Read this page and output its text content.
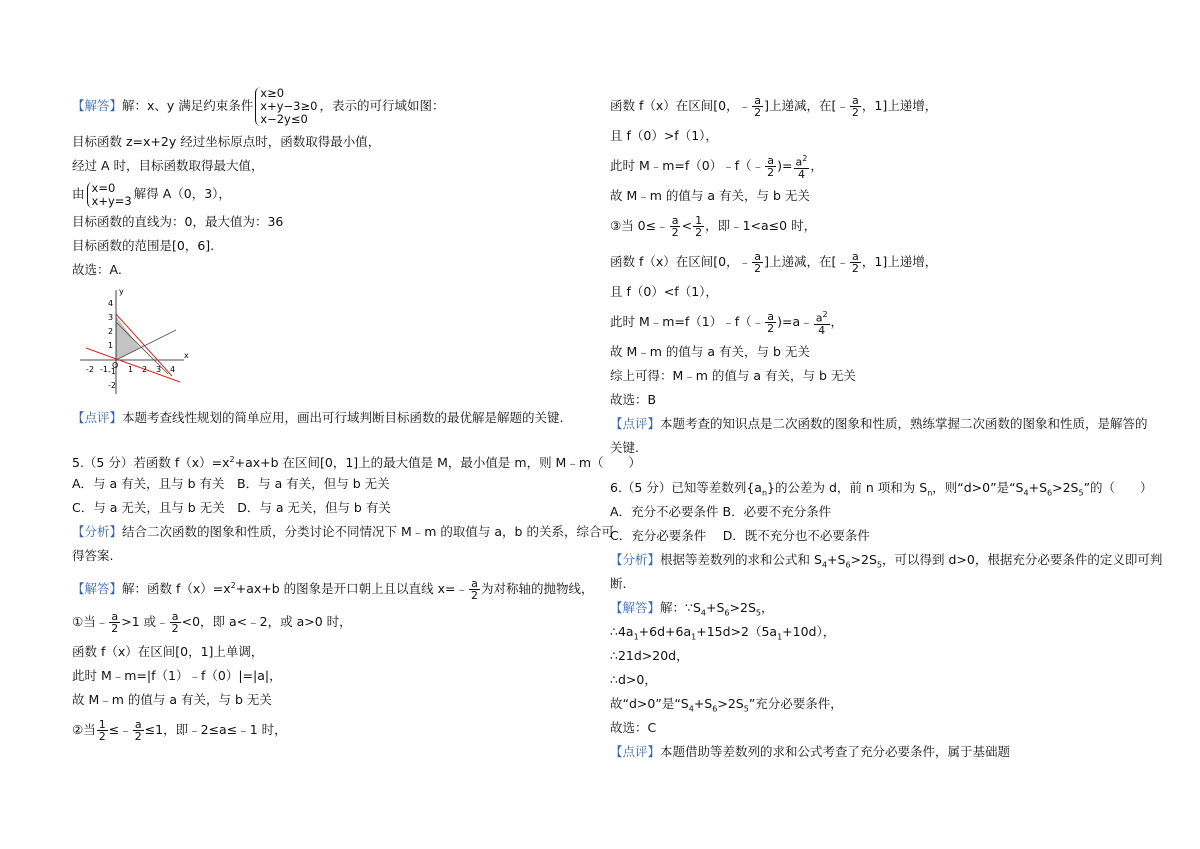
【解答】解：x、y 满足约束条件
x≥0
x+y−3≥0
x−2y≤0
，表示的可行域如图：
目标函数 z=x+2y 经过坐标原点时，函数取得最小值，
经过 A 时，目标函数取得最大值，
由 x=0
x+y=3 解得 A（0，3），
目标函数的直线为：0，最大值为：36
目标函数的范围是[0，6].
故选：A.
4
3
2
1
-1
-2
-2 -1 O 1 2 3 4
x
y
【点评】本题考查线性规划的简单应用，画出可行域判断目标函数的最优解是解题的关键.
5.（5 分）若函数 $f(x)=x^2+ax+b$ 在区间[0，1]上的最大值是 M，最小值是 m，则 M﹣m（　　）
A．与 a 有关，且与 b 有关　B．与 a 有关，但与 b 无关
C．与 a 无关，且与 b 无关　D．与 a 无关，但与 b 有关
【分析】结合二次函数的图象和性质，分类讨论不同情况下 M﹣m 的取值与 a，b 的关系，综合可
得答案.
【解答】解：函数 $f(x)=x^2+ax+b$ 的图象是开口朝上且以直线 x=﹣ $\frac{a}{2}$ 为对称轴的抛物线，
①当﹣ $\frac{a}{2} >1$ 或﹣ $\frac{a}{2} <0$，即 a<﹣2，或 a>0 时，
函数 f（x）在区间[0，1]上单调，
此时 M﹣m=|f（1）﹣f（0）|=|a|，
故 M﹣m 的值与 a 有关，与 b 无关
②当 $\frac{1}{2}$ ≤﹣ $\frac{a}{2} \le 1$，即﹣2≤a≤﹣1 时，
函数 f（x）在区间[0，﹣ $\frac{a}{2}$ ]上递减，在[﹣ $\frac{a}{2}$ ，1]上递增，
且 f（0）>f（1），
此时 M﹣m=f（0）﹣f（﹣ $\frac{a}{2}$ )= $\frac{a^2}{4}$ ，
故 M﹣m 的值与 a 有关，与 b 无关
③当 0≤﹣ $\frac{a}{2} < \frac{1}{2}$ ，即﹣1<a≤0 时，
函数 f（x）在区间[0，﹣ $\frac{a}{2}$ ]上递减，在[﹣ $\frac{a}{2}$ ，1]上递增，
且 f（0）<f（1），
此时 M﹣m=f（1）﹣f（﹣ $\frac{a}{2}$ )=a﹣ $\frac{a^2}{4}$ ，
故 M﹣m 的值与 a 有关，与 b 无关
综上可得：M﹣m 的值与 a 有关，与 b 无关
故选：B
【点评】本题考查的知识点是二次函数的图象和性质，熟练掌握二次函数的图象和性质，是解答的
关键.
6.（5 分）已知等差数列$\{a_n\}$的公差为 d，前 n 项和为 $S_n$，则“d>0”是“$S_4+S_6>2S_5$”的（　　）
A．充分不必要条件 B．必要不充分条件
C．充分必要条件　 D．既不充分也不必要条件
【分析】根据等差数列的求和公式和 $S_4+S_6>2S_5$，可以得到 d>0，根据充分必要条件的定义即可判
断.
【解答】解：$\because S_4+S_6>2S_5$，
$\therefore 4a_1+6d+6a_1+15d>2(5a_1+10d)$，
∴21d>20d，
∴d>0，
故“d>0”是“$S_4+S_6>2S_5$”充分必要条件，
故选：C
【点评】本题借助等差数列的求和公式考查了充分必要条件，属于基础题
